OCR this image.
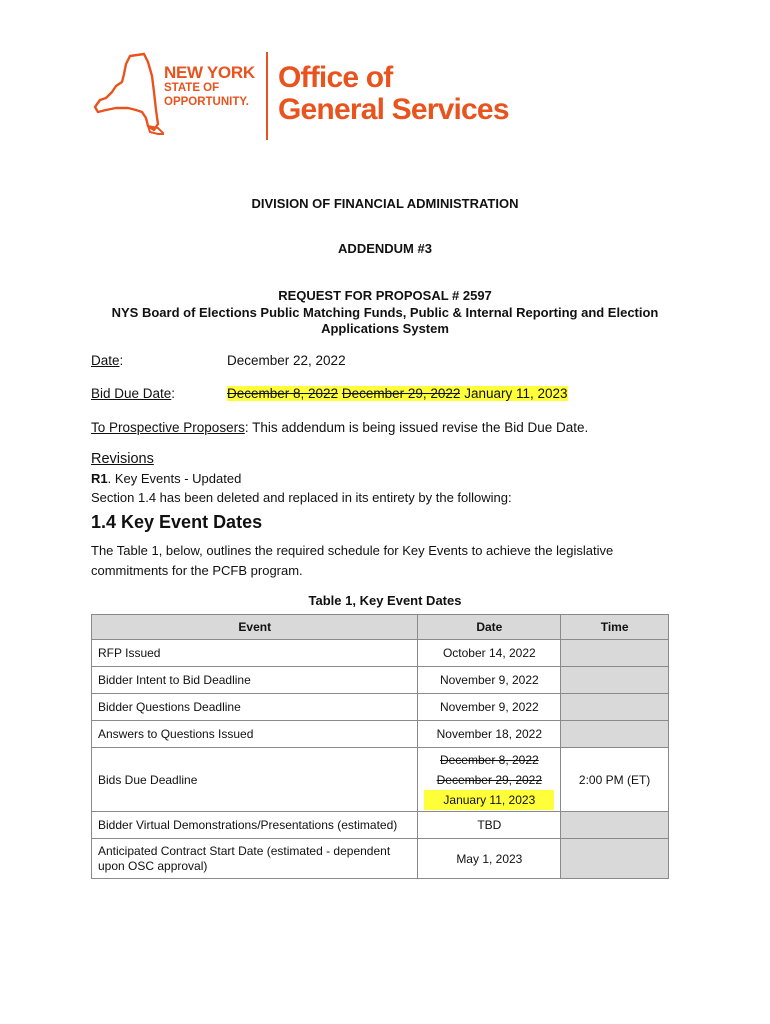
NEW YORK
STATE OF
OPPORTUNITY.
Office of
General Services
DIVISION OF FINANCIAL ADMINISTRATION
ADDENDUM #3
REQUEST FOR PROPOSAL # 2597
NYS Board of Elections Public Matching Funds, Public & Internal Reporting and Election
Applications System
Date:	December 22, 2022
Bid Due Date:	December 8, 2022 December 29, 2022 January 11, 2023
To Prospective Proposers: This addendum is being issued revise the Bid Due Date.
Revisions
R1. Key Events - Updated
Section 1.4 has been deleted and replaced in its entirety by the following:
1.4 Key Event Dates
The Table 1, below, outlines the required schedule for Key Events to achieve the legislative
commitments for the PCFB program.
Table 1, Key Event Dates
Event	Date	Time
RFP Issued	October 14, 2022	
Bidder Intent to Bid Deadline	November 9, 2022	
Bidder Questions Deadline	November 9, 2022	
Answers to Questions Issued	November 18, 2022	
Bids Due Deadline	December 8, 2022
December 29, 2022
January 11, 2023	2:00 PM (ET)
Bidder Virtual Demonstrations/Presentations (estimated)	TBD	

Anticipated Contract Start Date (estimated - dependent
upon OSC approval)	May 1, 2023	
